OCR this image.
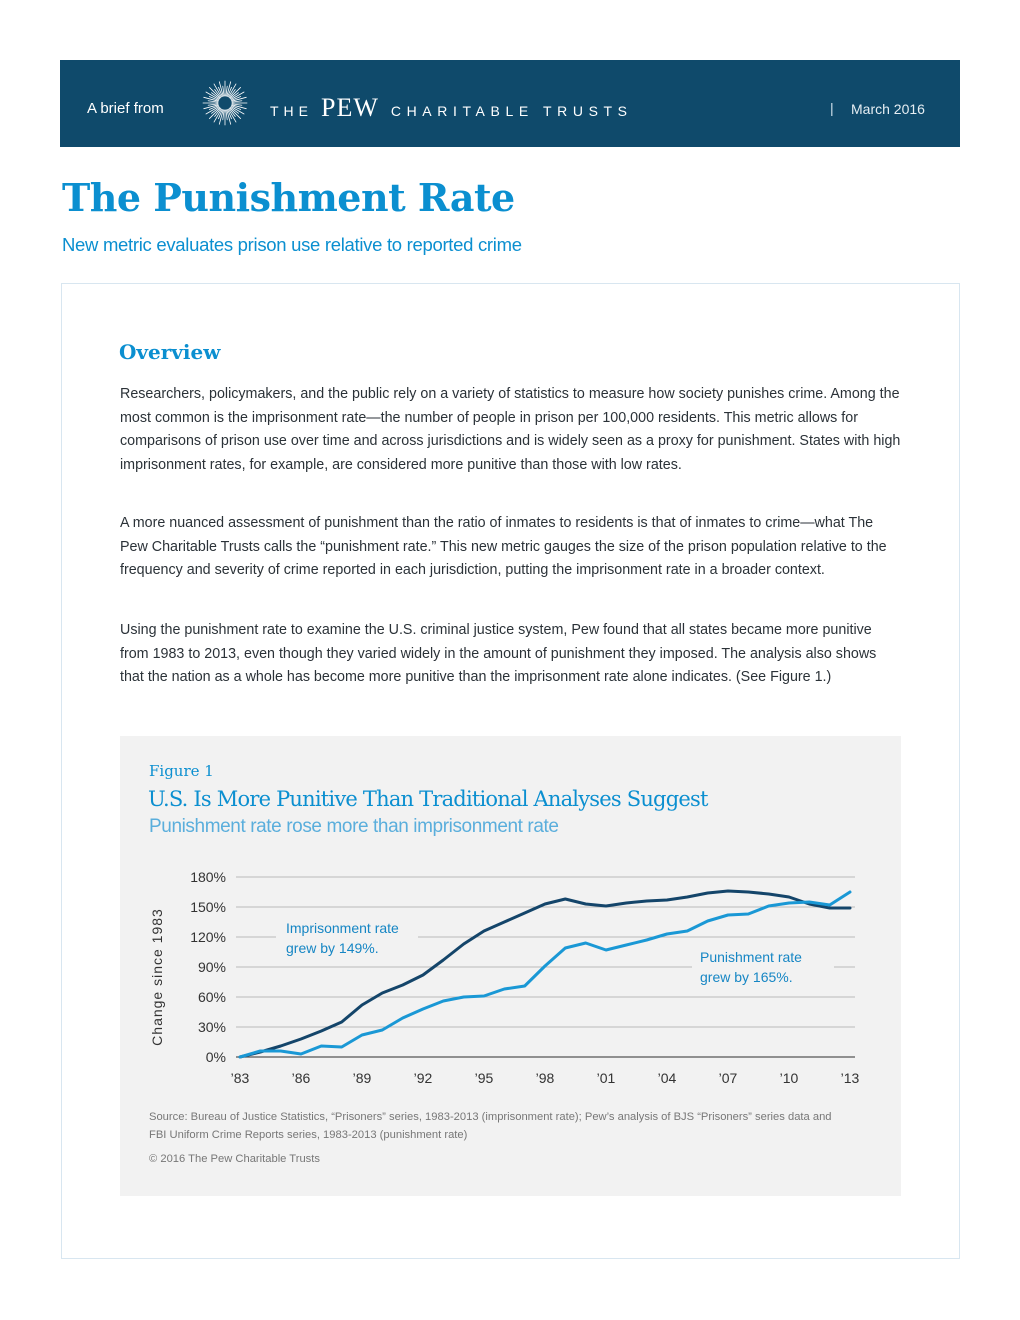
A brief from	THE PEW CHARITABLE TRUSTS	| March 2016
The Punishment Rate
New metric evaluates prison use relative to reported crime
Overview

Researchers, policymakers, and the public rely on a variety of statistics to measure how society punishes crime. Among the most common is the imprisonment rate—the number of people in prison per 100,000 residents. This metric allows for comparisons of prison use over time and across jurisdictions and is widely seen as a proxy for punishment. States with high imprisonment rates, for example, are considered more punitive than those with low rates.

A more nuanced assessment of punishment than the ratio of inmates to residents is that of inmates to crime—what The Pew Charitable Trusts calls the “punishment rate.” This new metric gauges the size of the prison population relative to the frequency and severity of crime reported in each jurisdiction, putting the imprisonment rate in a broader context.

Using the punishment rate to examine the U.S. criminal justice system, Pew found that all states became more punitive from 1983 to 2013, even though they varied widely in the amount of punishment they imposed. The analysis also shows that the nation as a whole has become more punitive than the imprisonment rate alone indicates. (See Figure 1.)

Figure 1
U.S. Is More Punitive Than Traditional Analyses Suggest
Punishment rate rose more than imprisonment rate
0%
30%
60%
90%
120%
150%
180%
’83	’86	’89	’92	’95	’98	’01	’04	’07	’10	’13
Change since 1983	Imprisonment rate
grew by 149%.
Punishment rate
grew by 165%.

Source: Bureau of Justice Statistics, “Prisoners” series, 1983-2013 (imprisonment rate); Pew’s analysis of BJS “Prisoners” series data and FBI Uniform Crime Reports series, 1983-2013 (punishment rate)

© 2016 The Pew Charitable Trusts
